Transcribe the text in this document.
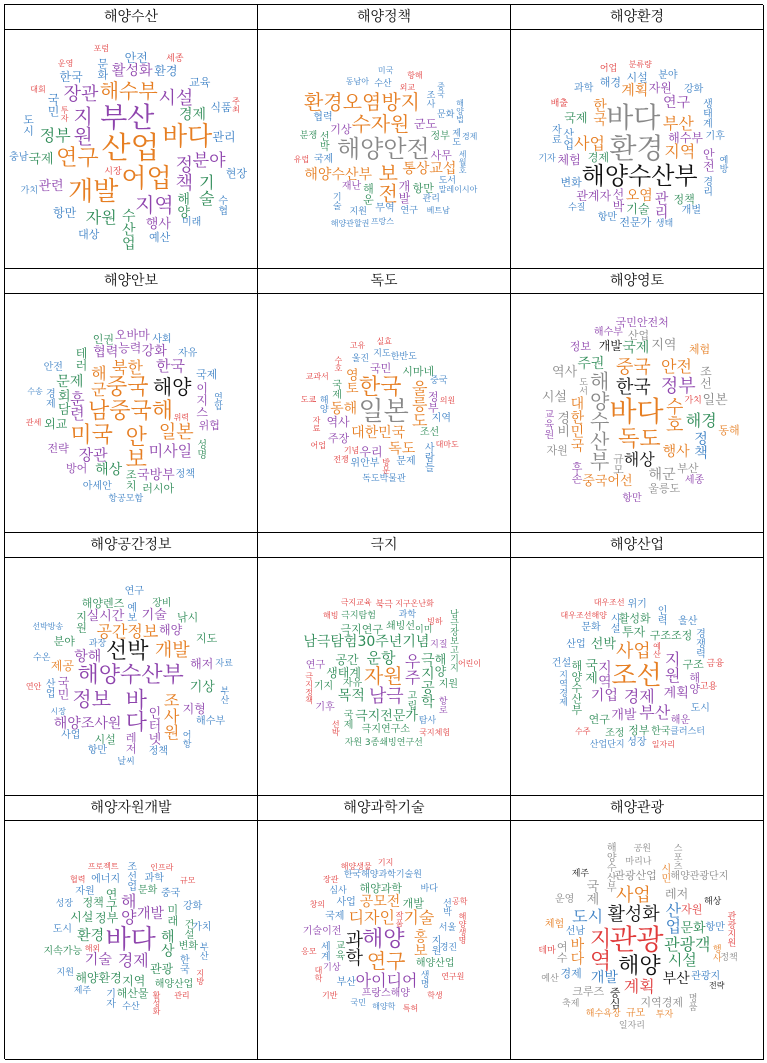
해양수산
산업
부산
어업
바다
개발
연구
지원
해수부
지역
시설
정책
장관
분야
정부
기술
자원
경제
활성화
수산업 행사
관련
국제
해양
환경
관리
항만
국민
한국
안전
교육
문화
식품
예산
대상
도시
현장
미래
충남
수협
시장
세종
가치
투자
대회
운영
포럼
주최
해양정책
해양안전
수자원
보전
환경오염방지
해양수산부 통상교섭
개발
군도
기상
사무
해운	항만
재난
정부
선박
국제
무역
협력
조사
수산
문화
도서
제도
관리
연구
지원
기술
분쟁
외교
동남아
세월호
프랑스
유럽
미국
중국
항해
경제
말레이시아
해양법
베트남
해양관할권
해양환경
환경
바다
해양수산부
지역
사업
부산
한국
오염
계획
연구
관리
해수부
관계자
기술
선박
체험
국제
자원
안전
경제
정책
변화
산업
해경 시설
전문가
생태계
기후
항만
과학
경리
분야
강화
개벌
자료
생태
수질
기자	예방
배출
어업 분류량
해양안보
남중국해
중국
안보
미국
해양
일본
해군 북한
미사일
장관
훈련
한국
해상
문제
회담
협력 강화
국방부
이지스
능력
외교
오바마
테러
위협
방어
전략
조치 러시아
인권
국제
성명
사회
자유
아세안
경제
정책
안전
항공모함
연합
위력
관세
수송
독도
일본
한국 울릉도
대한민국
동해
독도
영토
우리
역사
국민
정부
주장
시마네
조선
국제
지역
문제
위안부	사람들
울진 지도
독도박물관
해양
한반도
중국
기념
방문
의원
전쟁
대마도
자료
교과서
어업
도쿄
수호
고유 실효
해양영토
바다
독도
해양수산부 한국
중국
정부
수호
해상
안전
해경
대한민국
행사
주권
국제
정책
해군
중국어선
지역
경비
일본
시설
역사	조선
개발
부산
울릉도
규모
산업
자원
정보
후손
국민안전처
체험
동해
교육원
해수부
세종
항만
도서
가치
해양공간정보
해양수산부
선박
바다
정보
개발
공간정보
조사원
해양조사원
항해
실시간
인터넷
기술
기상
해양
국민
제공	해저
지형
레저
시설
분야
해양렌즈
지원	낚시
지도
장비
예보
정책
항만
사업
산업
연구
해수부
과장
어항
수온
자료
날씨
부산
시장
선박방송
연안
극지
자원
남극
우주
운항
남극탐험30주년기념
목적	극지공학
극지전문가
생태계
공간	해양
극지연구
극지연구소
쇄빙선
고립
자유
기지	지원
국제
기후
연구
이미 남극장보고기지
극지탐험
자원 3종쇄빙연구선
지질
항로
탐사
과학
북극
선박
빙하
국지체험
지구온난화
극지정책
극지교육
어린이
해빙
해양산업
조선
사업
지원
경제
부산
기업
지역
계획
개발
선박
국제
투자 구조조정
구조
해양수산부
정부
활성화
연구
해양
해운
한국
조정
시설
산업
문화
도시
인력
성장
건설
위기
경쟁력
울산
클러스터
산업단지
지역경제	고용
금융
대우조선해양
예산
일자리
수주
대우조선
해양자원개발
바다
경제
해양 개발
기술
환경	해상
정부
관광
지역
연구
해양환경
시설
정책
미래
해산물
문화
변화
건설
해양산업
지속가능
중국
한국
도시
자원
에너지 조선업 과학
강화
가치
기자 수산
제주
지원
부산
성장
해외
관리
활성화
협력
프로젝트	인프라
지방
규모
해양과학기술
해양
연구
과학
디자인
아이디어
기술
홍보
공모전
해양과학
개발
교육
해양산업
프랑스해양
기술이전
지원
국제
사업
부산
세계
기상
서울
경진
생명
한국해양과학기술원
심사	바다
선박
해양학
국민
응모
작품
창의
연구원
학생
대학
특허
기반
장관
해양생명
해양생물 기지
공학
해양관광
관광
해양
지역
활성화
사업
관광객
산업
계획
도시
시설
바다
개발	부산
문화
국제	레저
관광산업
지역경제
중심
자원
크루즈
경제
여수
선남	항만
관광지
시민
규모
체험
운영
해양수산부	해양관광단지
마리나
해상
행사
투자
해수욕장
테마
관광지원
제주
일자리
정책
명품
축제
예산
공원 스포츠
전략
